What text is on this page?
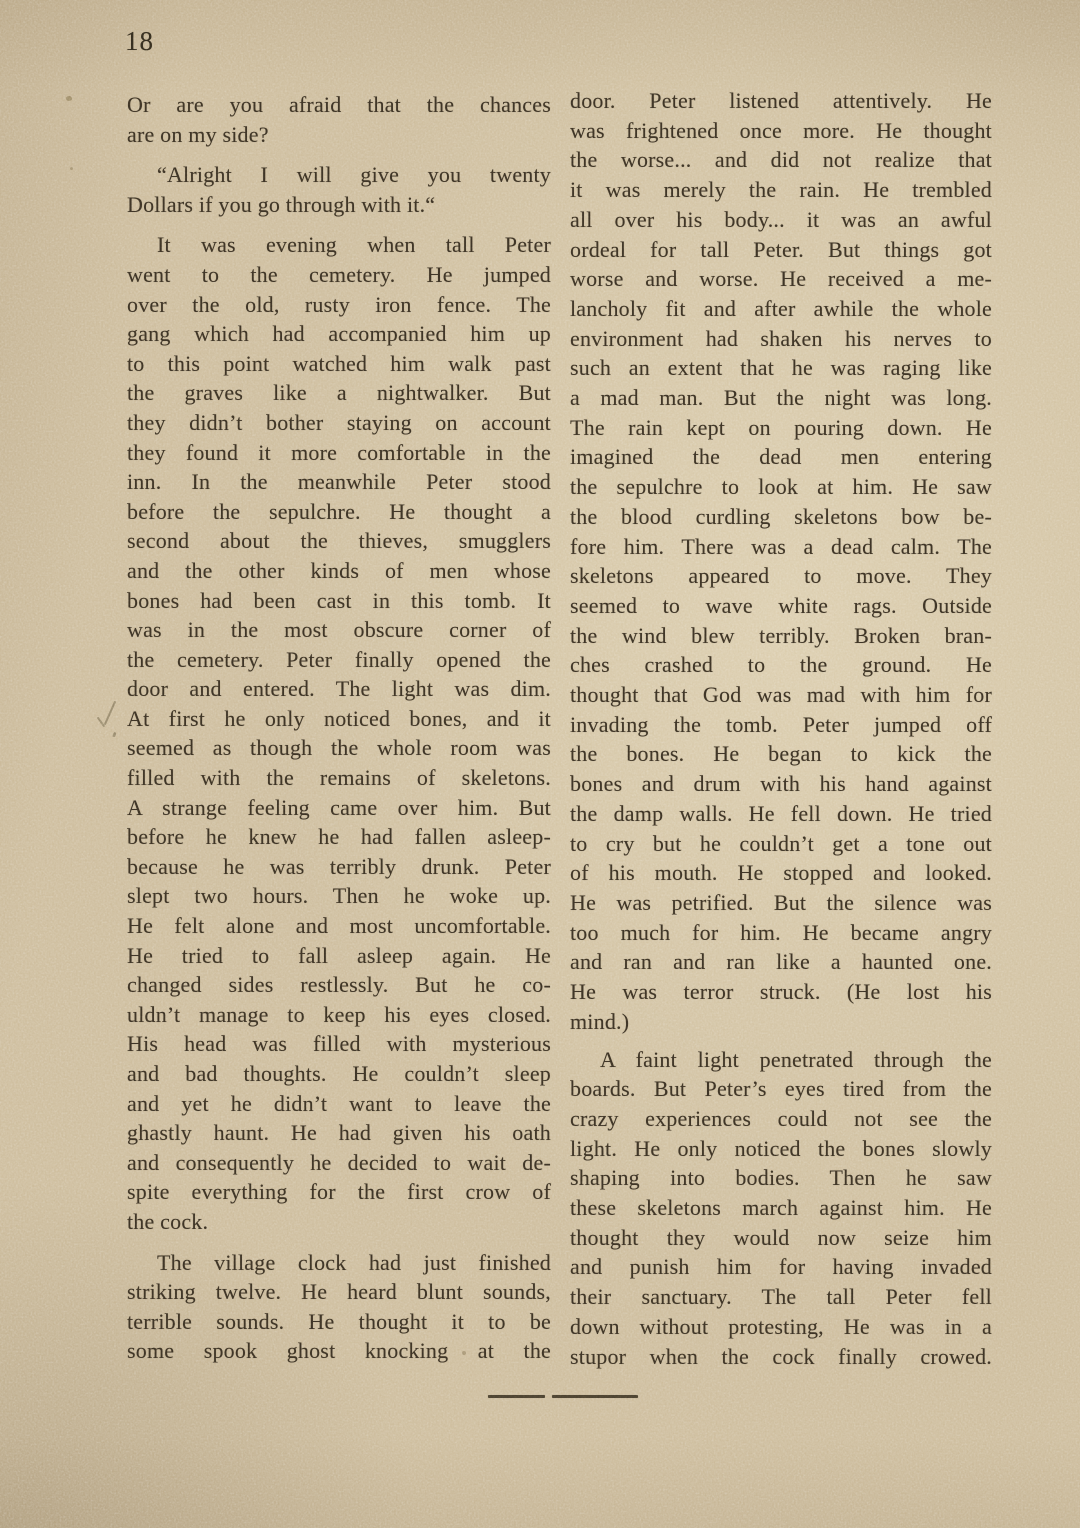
18
Or are you afraid that the chances
are on my side?
“Alright I will give you twenty
Dollars if you go through with it.“
It was evening when tall Peter
went to the cemetery. He jumped
over the old, rusty iron fence. The
gang which had accompanied him up
to this point watched him walk past
the graves like a nightwalker. But
they didn’t bother staying on account
they found it more comfortable in the
inn. In the meanwhile Peter stood
before the sepulchre. He thought a
second about the thieves, smugglers
and the other kinds of men whose
bones had been cast in this tomb. It
was in the most obscure corner of
the cemetery. Peter finally opened the
door and entered. The light was dim.
At first he only noticed bones, and it
seemed as though the whole room was
filled with the remains of skeletons.
A strange feeling came over him. But
before he knew he had fallen asleep-
because he was terribly drunk. Peter
slept two hours. Then he woke up.
He felt alone and most uncomfortable.
He tried to fall asleep again. He
changed sides restlessly. But he co-
uldn’t manage to keep his eyes closed.
His head was filled with mysterious
and bad thoughts. He couldn’t sleep
and yet he didn’t want to leave the
ghastly haunt. He had given his oath
and consequently he decided to wait de-
spite everything for the first crow of
the cock.
The village clock had just finished
striking twelve. He heard blunt sounds,
terrible sounds. He thought it to be
some spook ghost knocking at the
door. Peter listened attentively. He
was frightened once more. He thought
the worse... and did not realize that
it was merely the rain. He trembled
all over his body... it was an awful
ordeal for tall Peter. But things got
worse and worse. He received a me-
lancholy fit and after awhile the whole
environment had shaken his nerves to
such an extent that he was raging like
a mad man. But the night was long.
The rain kept on pouring down. He
imagined the dead men entering
the sepulchre to look at him. He saw
the blood curdling skeletons bow be-
fore him. There was a dead calm. The
skeletons appeared to move. They
seemed to wave white rags. Outside
the wind blew terribly. Broken bran-
ches crashed to the ground. He
thought that God was mad with him for
invading the tomb. Peter jumped off
the bones. He began to kick the
bones and drum with his hand against
the damp walls. He fell down. He tried
to cry but he couldn’t get a tone out
of his mouth. He stopped and looked.
He was petrified. But the silence was
too much for him. He became angry
and ran and ran like a haunted one.
He was terror struck. (He lost his
mind.)
A faint light penetrated through the
boards. But Peter’s eyes tired from the
crazy experiences could not see the
light. He only noticed the bones slowly
shaping into bodies. Then he saw
these skeletons march against him. He
thought they would now seize him
and punish him for having invaded
their sanctuary. The tall Peter fell
down without protesting, He was in a
stupor when the cock finally crowed.
